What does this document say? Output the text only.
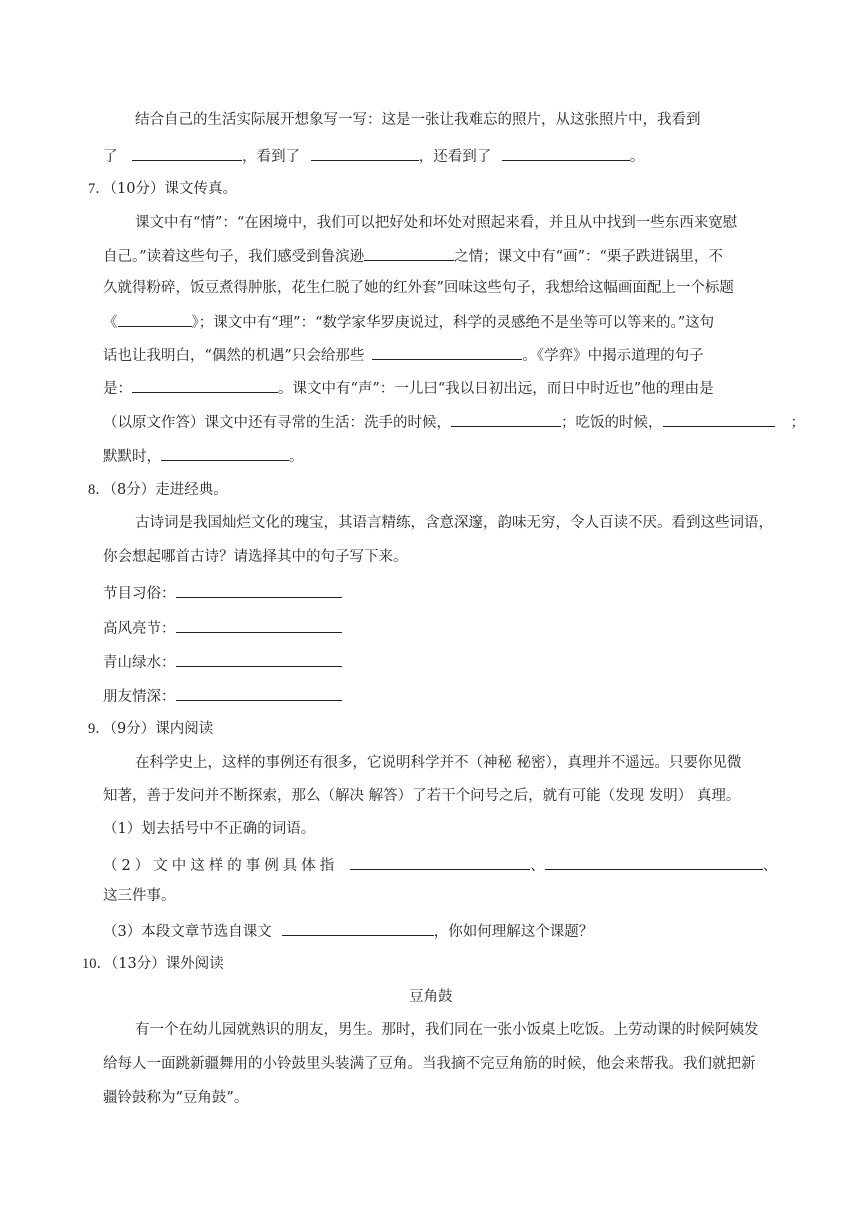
结合自己的生活实际展开想象写一写：这是一张让我难忘的照片，从这张照片中，我看到
了	，看到了	，还看到了	。
7．（10分）课文传真。
课文中有“情”：“在困境中，我们可以把好处和坏处对照起来看，并且从中找到一些东西来宽慰
自己。”读着这些句子，我们感受到鲁滨逊	之情；课文中有“画”：“栗子跌进锅里，不
久就得粉碎，饭豆煮得肿胀，花生仁脱了她的红外套”回味这些句子，我想给这幅画面配上一个标题
《	》；课文中有“理”：“数学家华罗庚说过，科学的灵感绝不是坐等可以等来的。”这句
话也让我明白，“偶然的机遇”只会给那些	。《学弈》中揭示道理的句子
是：	。课文中有“声”：一儿曰“我以日初出远，而日中时近也”他的理由是
（以原文作答）课文中还有寻常的生活：洗手的时候，	；吃饭的时候，	；
默默时，	。
8．（8分）走进经典。
古诗词是我国灿烂文化的瑰宝，其语言精练，含意深邃，韵味无穷，令人百读不厌。看到这些词语，
你会想起哪首古诗？请选择其中的句子写下来。
节目习俗：
高风亮节：
青山绿水：
朋友情深：
9．（9分）课内阅读
在科学史上，这样的事例还有很多，它说明科学并不（神秘 秘密），真理并不遥远。只要你见微
知著，善于发问并不断探索，那么（解决 解答）了若干个问号之后，就有可能（发现 发明） 真理。
（1）划去括号中不正确的词语。
（2）文中这样的事例具体指	、	、
这三件事。
（3）本段文章节选自课文	，你如何理解这个课题？
10．（13分）课外阅读
豆角鼓
有一个在幼儿园就熟识的朋友，男生。那时，我们同在一张小饭桌上吃饭。上劳动课的时候阿姨发
给每人一面跳新疆舞用的小铃鼓里头装满了豆角。当我摘不完豆角筋的时候，他会来帮我。我们就把新
疆铃鼓称为“豆角鼓”。
